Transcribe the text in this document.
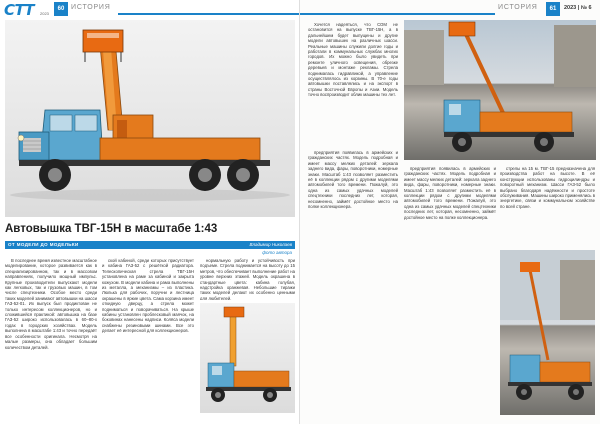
СТТ 2023
60 ИСТОРИЯ
Автовышка ТВГ-15Н в масштабе 1:43
ОТ МОДЕЛИ ДО МОДЕЛЬКИ	Владимир Николаев
фото автора

В последнее время известное масштабное моделирование, которое развивается как в специализированном, так и в массовом направлениях, получило мощный импульс. Крупные производители выпускают модели как легковых, так и грузовых машин, в том числе спецтехники. Особое место среди таких моделей занимают автовышки на шасси ГАЗ-52-01. Их выпуск был продиктован не только интересом коллекционеров, но и сложившейся практикой: автовышка на базе ГАЗ-52 широко использовалась в 60–80-х годах в городских хозяйствах. Модель выполнена в масштабе 1:43 и точно передаёт все особенности оригинала. Несмотря на малые размеры, она обладает большим количеством деталей.

ской кабиной, среди которых присутствует и кабина ГАЗ-52 с решёткой радиатора. Телескопическая стрела ТВГ-15Н установлена на раме за кабиной и закрыта кожухом. В модели кабина и рама выполнены из металла, а механизмы – из пластика. Люлька для рабочих, поручни и лестница окрашены в яркие цвета. Сама корзина имеет откидную дверцу, а стрела может подниматься и поворачиваться. На крыше кабины установлен проблесковый маячок, на боковинах нанесены надписи. Колёса модели снабжены резиновыми шинами. Все это делает её интересной для коллекционеров.

нормальную работу и устойчивость при подъеме. Стрела поднимается на высоту до 15 метров, что обеспечивает выполнение работ на уровне верхних этажей. Модель окрашена в стандартные цвета: кабина голубая, надстройка оранжевая. Небольшие тиражи таких моделей делают их особенно ценными для любителей.

ИСТОРИЯ	61	2023 | № 6

Хочется надеяться, что СОМ не остановится на выпуске ТВГ-15Н, а в дальнейшем будет выпущены и другие модели автовышек на различных шасси. Реальные машины служили долгие годы и работали в коммунальных службах многих городов. Их можно было увидеть при ремонте уличного освещения, обрезке деревьев и монтаже рекламы. Стрела поднималась гидравликой, а управление осуществлялось из корзины. В 70-е годы автовышки поставлялись и на экспорт в страны Восточной Европы и Азии. Модель точно воспроизводит облик машины тех лет.

предприятия появилась в армейских и гражданских частях. Модель подробная и имеет массу мелких деталей: зеркала заднего вида, фары, поворотники, номерные знаки. Масштаб 1:43 позволяет разместить её в коллекции рядом с другими моделями автомобилей того времени. Пожалуй, это одна из самых удачных моделей спецтехники последних лет, которая, несомненно, займёт достойное место на полке коллекционера.

предприятия появилась в армейских и гражданских частях. Модель подробная и имеет массу мелких деталей: зеркала заднего вида, фары, поворотники, номерные знаки. Масштаб 1:43 позволяет разместить её в коллекции рядом с другими моделями автомобилей того времени. Пожалуй, это одна из самых удачных моделей спецтехники последних лет, которая, несомненно, займёт достойное место на полке коллекционера.

стрелы на 15 м. ТВГ-15 предназначена для производства работ на высоте. В её конструкции использованы гидроцилиндры и поворотный механизм. Шасси ГАЗ-52 было выбрано благодаря надёжности и простоте обслуживания. Машины широко применялись в энергетике, связи и коммунальном хозяйстве по всей стране.
